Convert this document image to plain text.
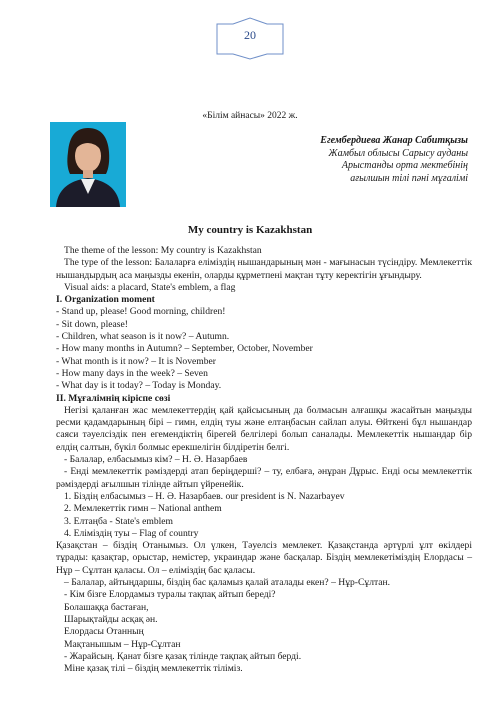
20
«Білім айнасы» 2022 ж.
Егембердиева Жанар Сабитқызы
Жамбыл облысы Сарысу ауданы
Арыстанды орта мектебінің
ағылшын тілі пәні мұғалімі
My country is Kazakhstan

The theme of the lesson: My country is Kazakhstan

The type of the lesson: Балаларға еліміздің нышандарының мән - мағынасын түсіндіру. Мемлекеттік нышандырдың аса маңызды екенін, оларды құрметпені мақтан тұту керектігін ұғындыру.

Visual aids: a placard, State's emblem, a flag

I. Organization moment

- Stand up, please! Good morning, children!

- Sit down, please!

- Children, what season is it now? – Autumn.

- How many months in Autumn? – September, October, November

- What month is it now? – It is November

- How many days in the week? – Seven

- What day is it today? – Today is Monday.

II. Мұғалімнің кіріспе сөзі

Негізі қаланған жас мемлекеттердің қай қайсысының да болмасын алғашқы жасайтын маңызды ресми қадамдарының бірі – гимн, елдің туы және елтаңбасын сайлап алуы. Өйткені бұл нышандар саяси тәуелсіздік пен егемендіктің бірегей белгілері болып саналады. Мемлекеттік нышандар бір елдің салтын, бүкіл болмыс ерекшелігін білдіретін белгі.

- Балалар, елбасымыз кім? – Н. Ә. Назарбаев

- Енді мемлекеттік рәміздерді атап беріңдерші? – ту, елбаға, әнұран Дұрыс. Енді осы мемлекеттік рәміздерді ағылшын тілінде айтып үйренейік.

1. Біздің елбасымыз – Н. Ә. Назарбаев. our president is N. Nazarbayev

2. Мемлекеттік гимн – National anthem

3. Елтаңба - State's emblem

4. Еліміздің туы – Flag of country

Қазақстан – біздің Отанымыз. Ол үлкен, Тәуелсіз мемлекет. Қазақстанда әртүрлі ұлт өкілдері тұрады: қазақтар, орыстар, немістер, украиндар және басқалар. Біздің мемлекетіміздің Елордасы – Нұр – Сұлтан қаласы. Ол – еліміздің бас қаласы.

– Балалар, айтыңдаршы, біздің бас қаламыз қалай аталады екен? – Нұр-Сұлтан.

- Кім бізге Елордамыз туралы тақпақ айтып береді?

Болашаққа бастаған,

Шарықтайды асқақ ән.

Елордасы Отанның

Мақтанышым – Нұр-Сұлтан

- Жарайсың. Қанат бізге қазақ тілінде тақпақ айтып берді.

Міне қазақ тілі – біздің мемлекеттік тіліміз.
